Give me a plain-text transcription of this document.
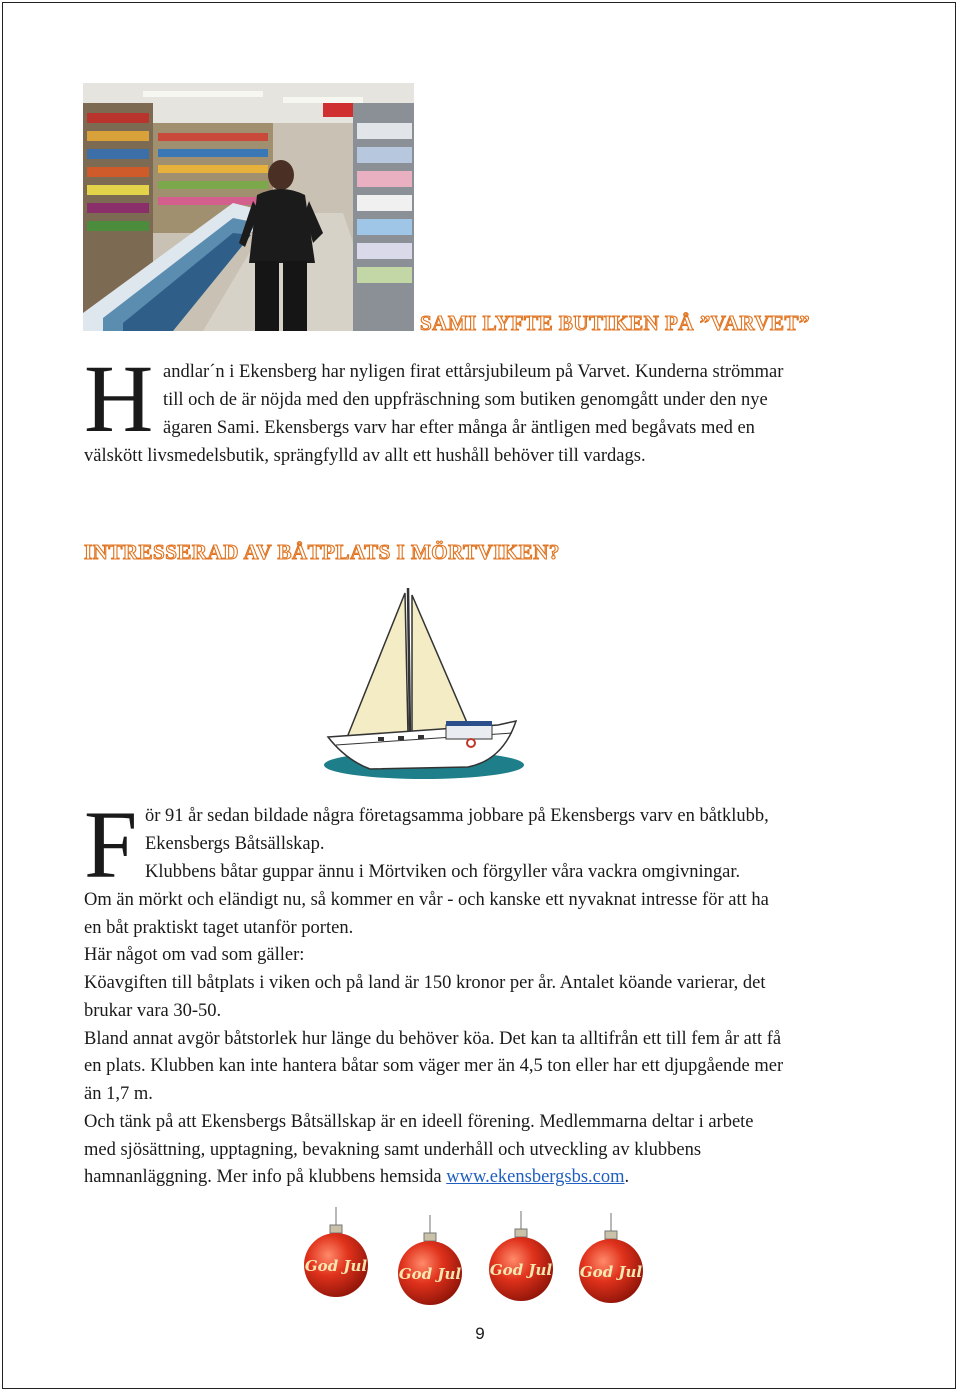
SAMI LYFTE BUTIKEN PÅ ”VARVET”
H andlar´n i Ekensberg har nyligen firat ettårsjubileum på Varvet. Kunderna strömmar
till och de är nöjda med den uppfräschning som butiken genomgått under den nye
ägaren Sami. Ekensbergs varv har efter många år äntligen med begåvats med en
välskött livsmedelsbutik, sprängfylld av allt ett hushåll behöver till vardags.
INTRESSERAD AV BÅTPLATS I MÖRTVIKEN?
F ör 91 år sedan bildade några företagsamma jobbare på Ekensbergs varv en båtklubb,
Ekensbergs Båtsällskap.
Klubbens båtar guppar ännu i Mörtviken och förgyller våra vackra omgivningar.
Om än mörkt och eländigt nu, så kommer en vår - och kanske ett nyvaknat intresse för att ha
en båt praktiskt taget utanför porten.
Här något om vad som gäller:
Köavgiften till båtplats i viken och på land är 150 kronor per år. Antalet köande varierar, det
brukar vara 30-50.
Bland annat avgör båtstorlek hur länge du behöver köa. Det kan ta alltifrån ett till fem år att få
en plats. Klubben kan inte hantera båtar som väger mer än 4,5 ton eller har ett djupgående mer
än 1,7 m.
Och tänk på att Ekensbergs Båtsällskap är en ideell förening. Medlemmarna deltar i arbete
med sjösättning, upptagning, bevakning samt underhåll och utveckling av klubbens
hamnanläggning. Mer info på klubbens hemsida www.ekensbergsbs.com.
God Jul God Jul God Jul God Jul
9
